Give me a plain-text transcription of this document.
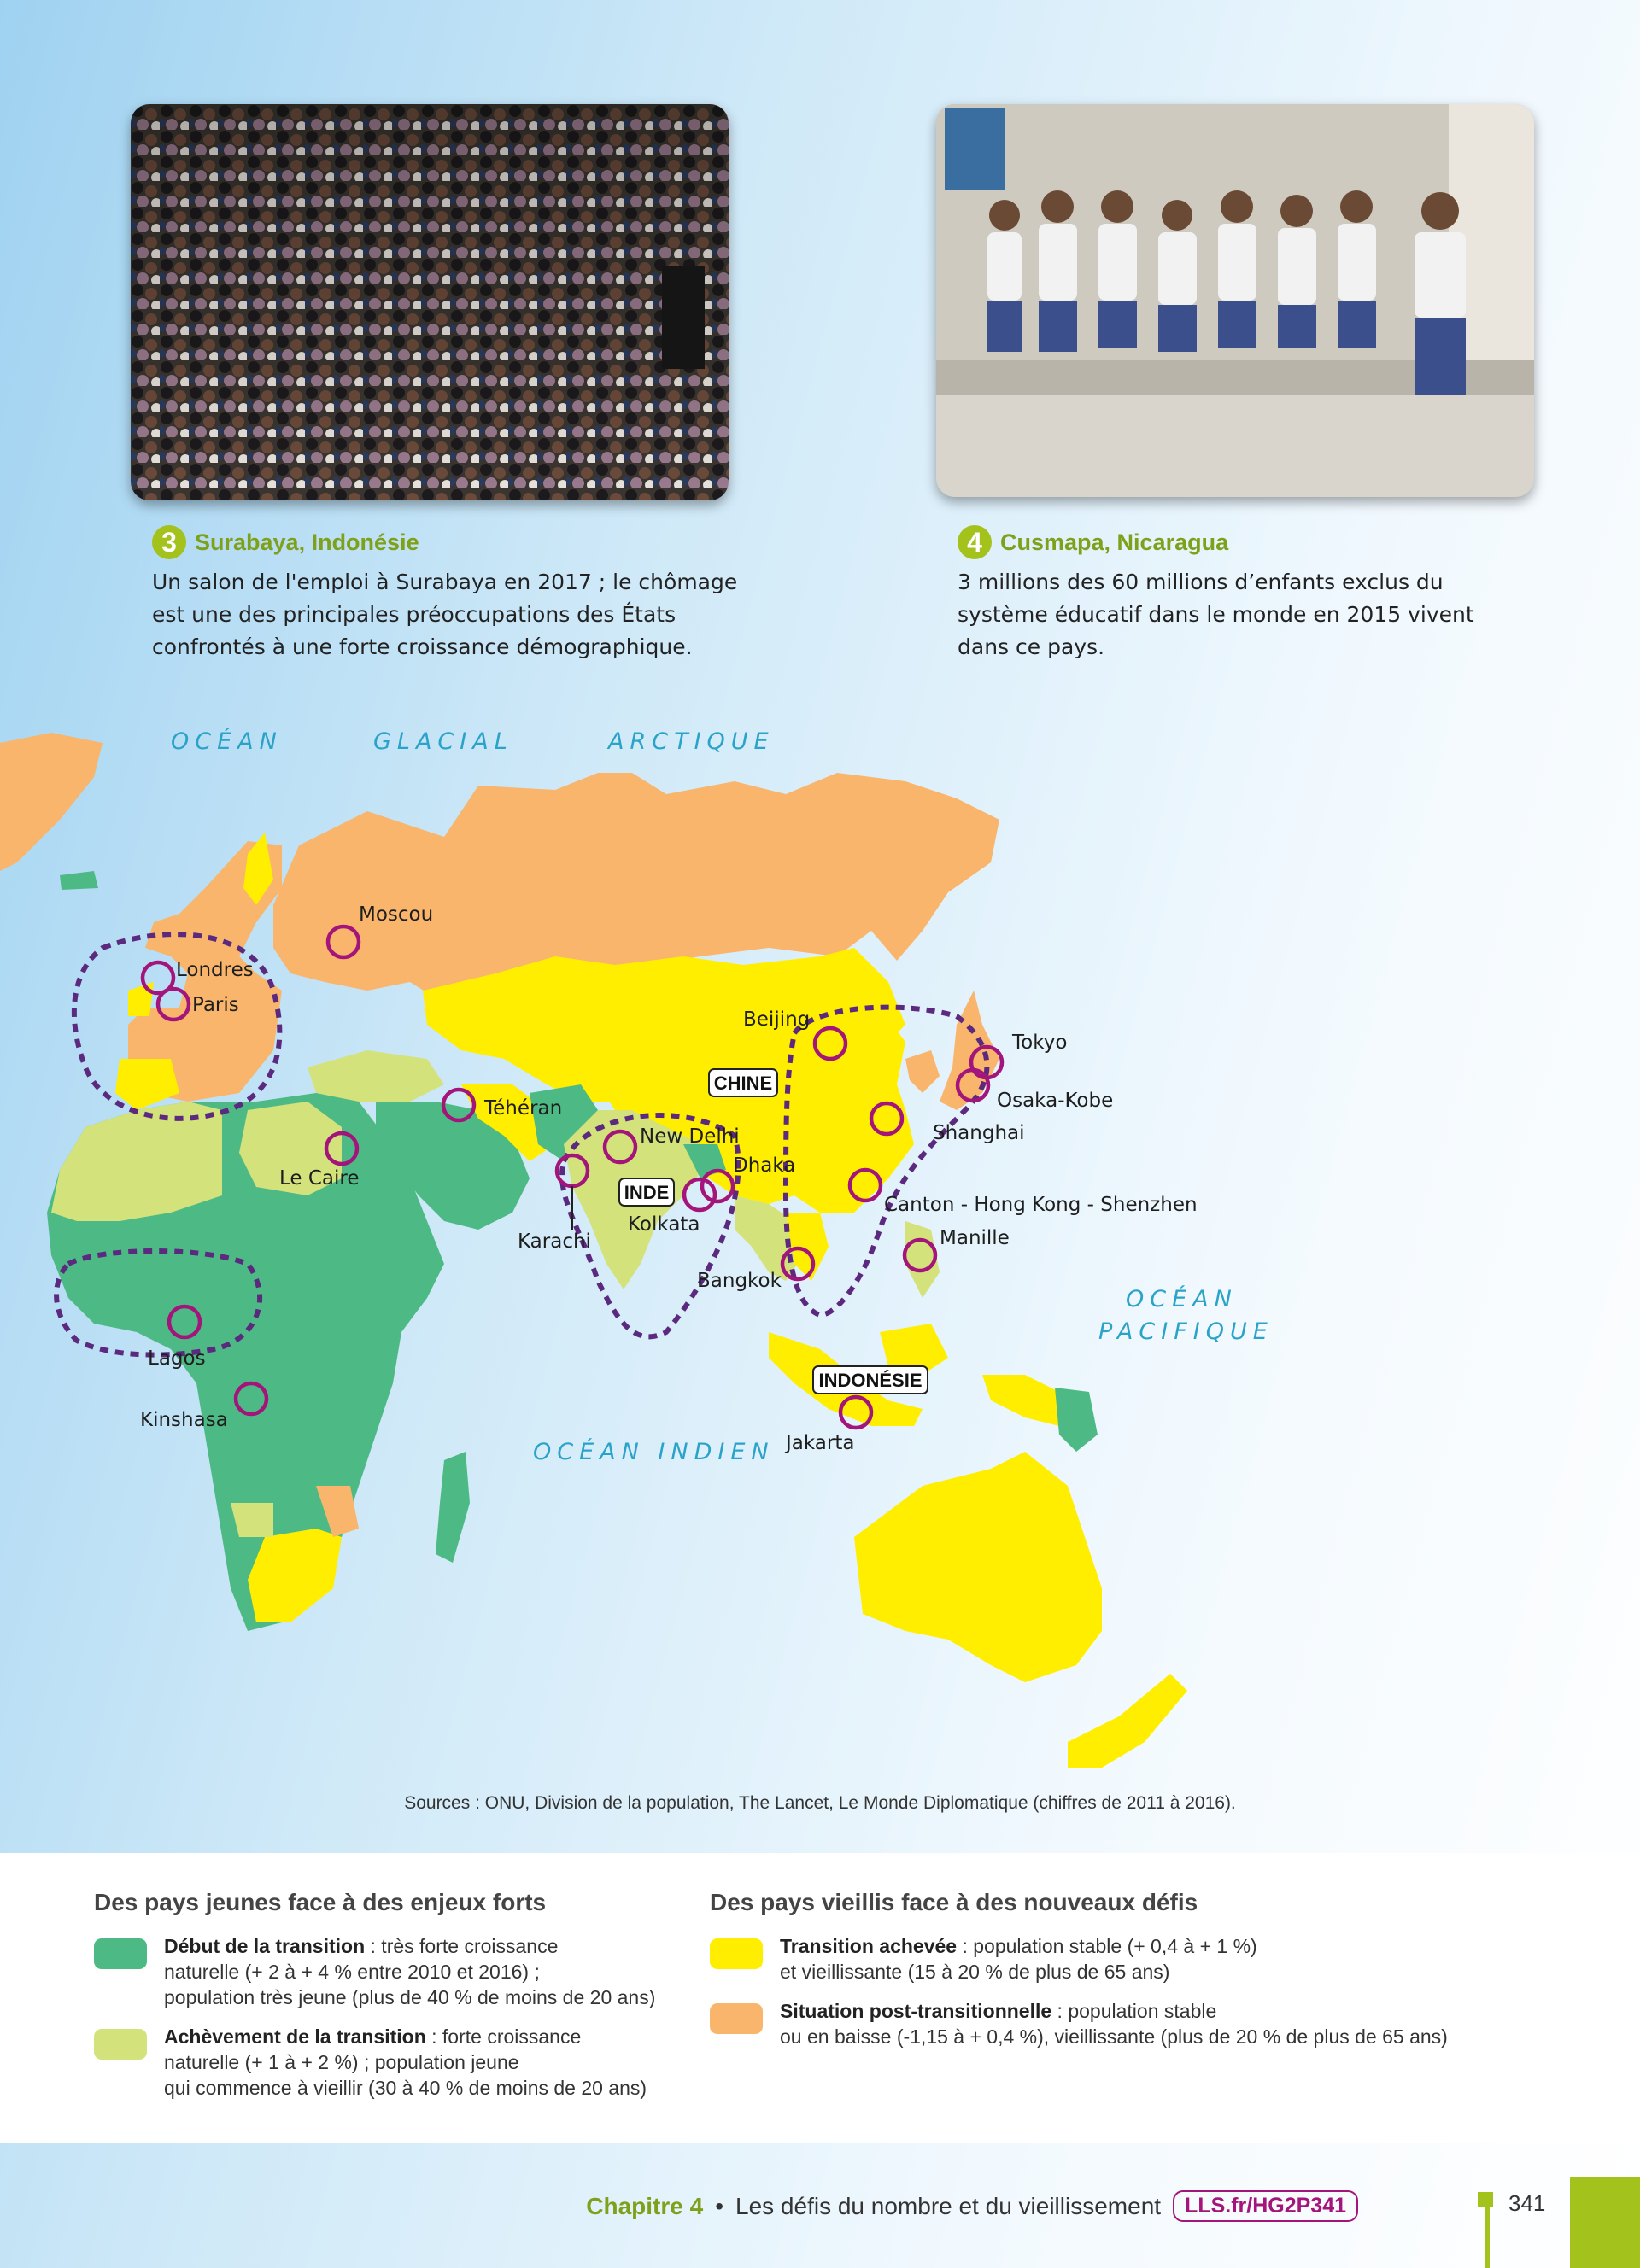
3 Surabaya, Indonésie
Un salon de l'emploi à Surabaya en 2017 ; le chômage
est une des principales préoccupations des États
confrontés à une forte croissance démographique.
4 Cusmapa, Nicaragua
3 millions des 60 millions d’enfants exclus du
système éducatif dans le monde en 2015 vivent
dans ce pays.
OCÉAN	GLACIAL	ARCTIQUE
OCÉAN
PACIFIQUE
OCÉAN INDIEN
Moscou
Londres
Paris
Téhéran
Le Caire
Lagos
Kinshasa
Karachi
New Delhi
Dhaka
Kolkata
Bangkok
Beijing
Tokyo
Osaka-Kobe
Shanghai
Canton - Hong Kong - Shenzhen
Manille
Jakarta
CHINE
INDE
INDONÉSIE
Sources : ONU, Division de la population, The Lancet, Le Monde Diplomatique (chiffres de 2011 à 2016).
Des pays jeunes face à des enjeux forts
Début de la transition : très forte croissance
naturelle (+ 2 à + 4 % entre 2010 et 2016) ;
population très jeune (plus de 40 % de moins de 20 ans)
Achèvement de la transition : forte croissance
naturelle (+ 1 à + 2 %) ; population jeune
qui commence à vieillir (30 à 40 % de moins de 20 ans)
Des pays vieillis face à des nouveaux défis
Transition achevée : population stable (+ 0,4 à + 1 %)
et vieillissante (15 à 20 % de plus de 65 ans)
Situation post-transitionnelle : population stable
ou en baisse (-1,15 à + 0,4 %), vieillissante (plus de 20 % de plus de 65 ans)
Chapitre 4 • Les défis du nombre et du vieillissement	LLS.fr/HG2P341	341
